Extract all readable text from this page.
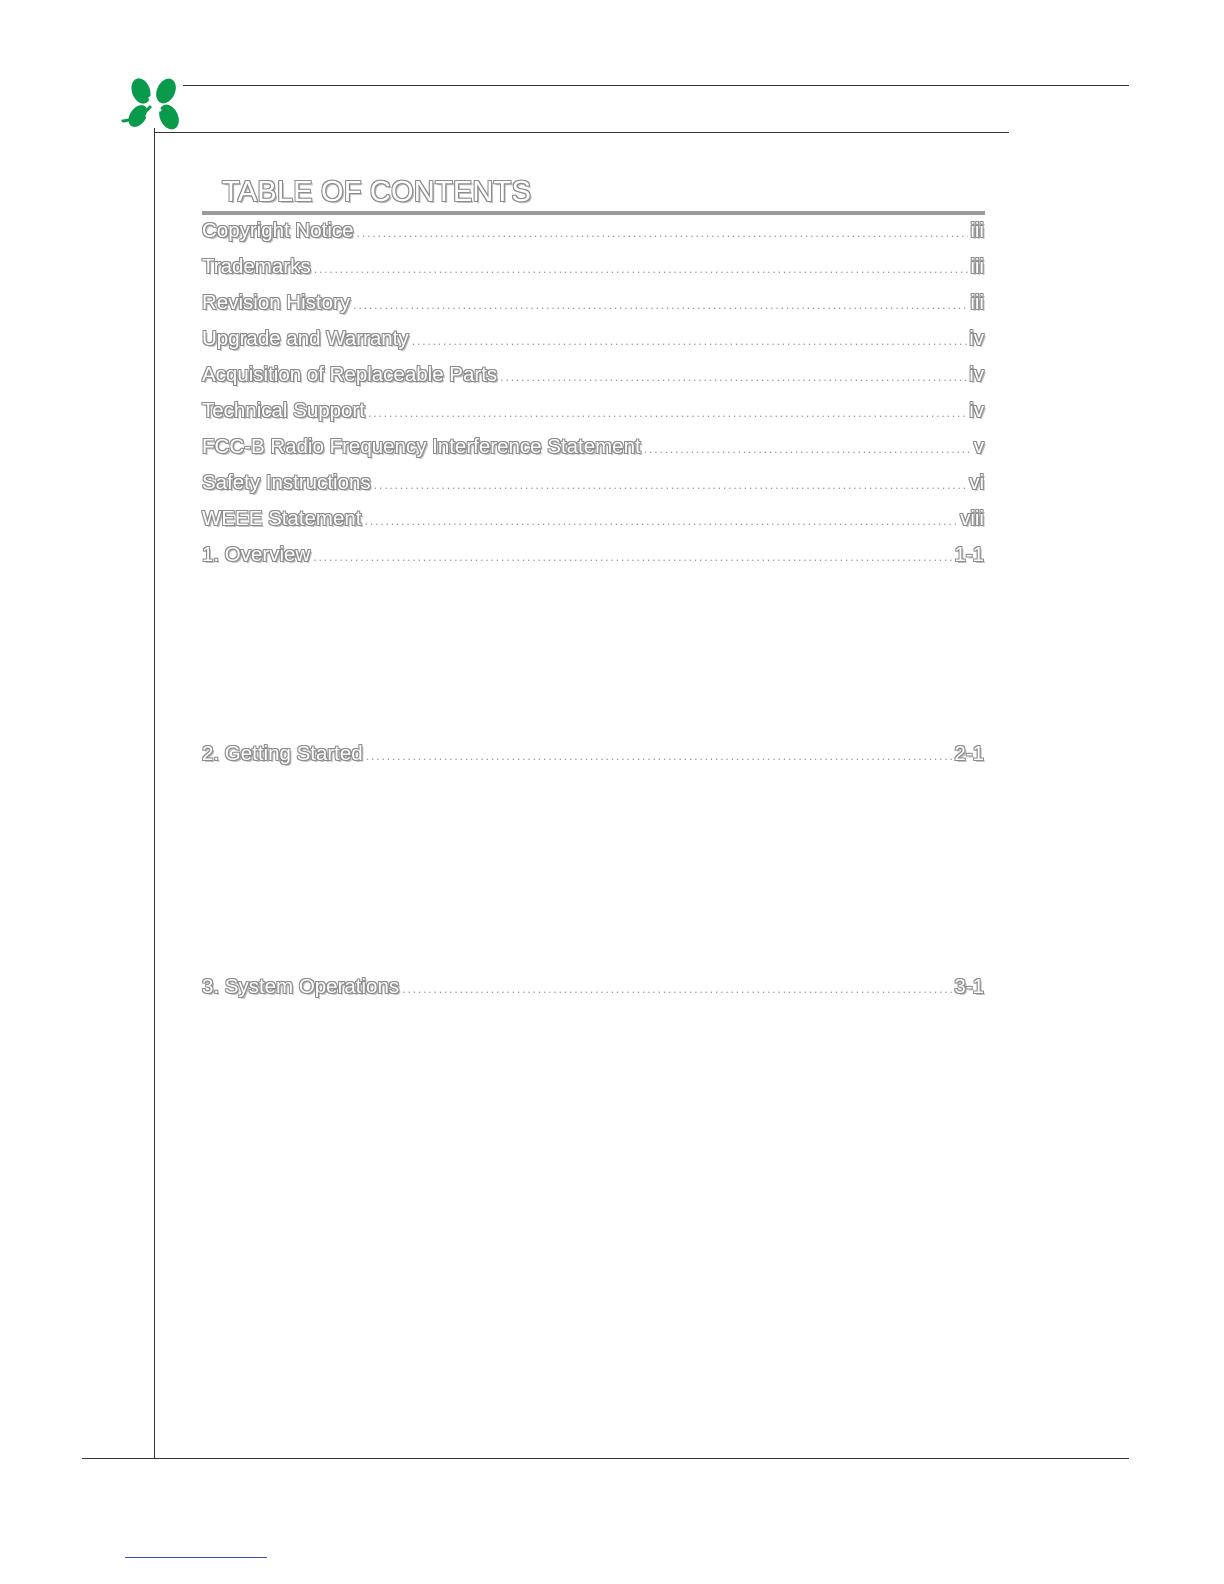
TABLE OF CONTENTS
Copyright Notice .....	iii
Trademarks .....	iii
Revision History .....	iii
Upgrade and Warranty .....	iv
Acquisition of Replaceable Parts .....	iv
Technical Support .....	iv
FCC-B Radio Frequency Interference Statement .....	v
Safety Instructions .....	vi
WEEE Statement .....	viii
1. Overview .....	1-1
2. Getting Started .....	2-1
3. System Operations .....	3-1
